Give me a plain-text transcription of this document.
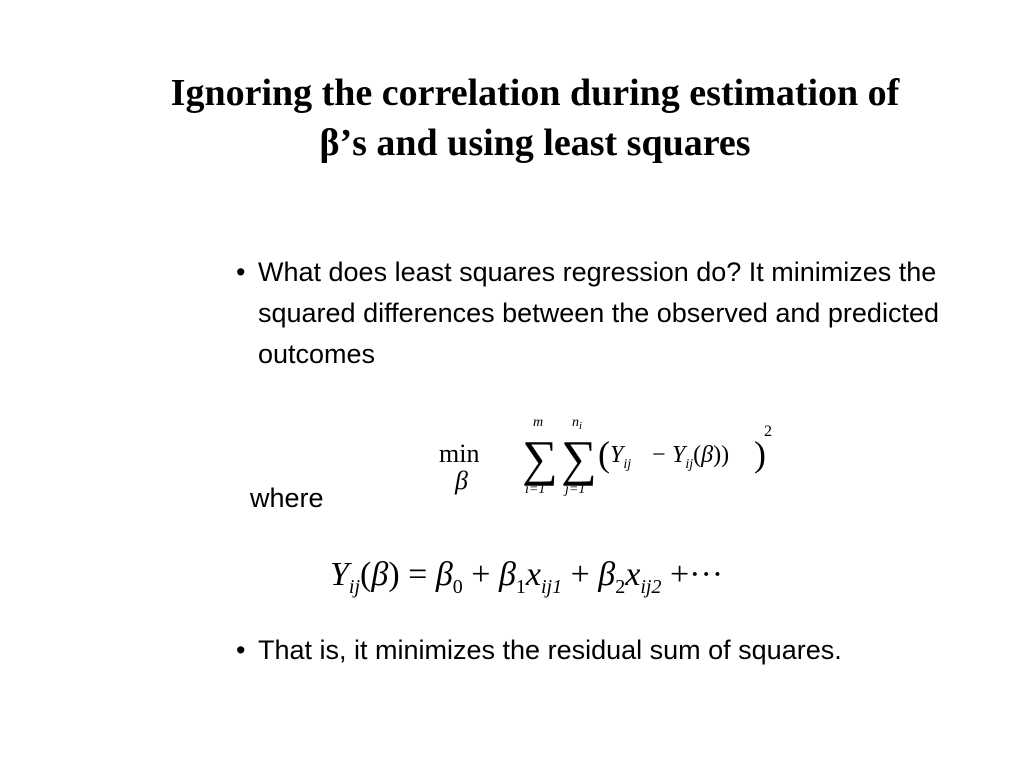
Ignoring the correlation during estimation of
β’s and using least squares
• What does least squares regression do? It minimizes the squared differences between the observed and predicted outcomes
min
β
m
∑
i=1
$n_i$
∑
j=1
( $Y_{ij} - Y_{ij}(\beta)$) )
2
where
$Y_{ij}(\beta) = \beta_0 + \beta_1x_{ij1} + \beta_2x_{ij2}$ +···
• That is, it minimizes the residual sum of squares.
